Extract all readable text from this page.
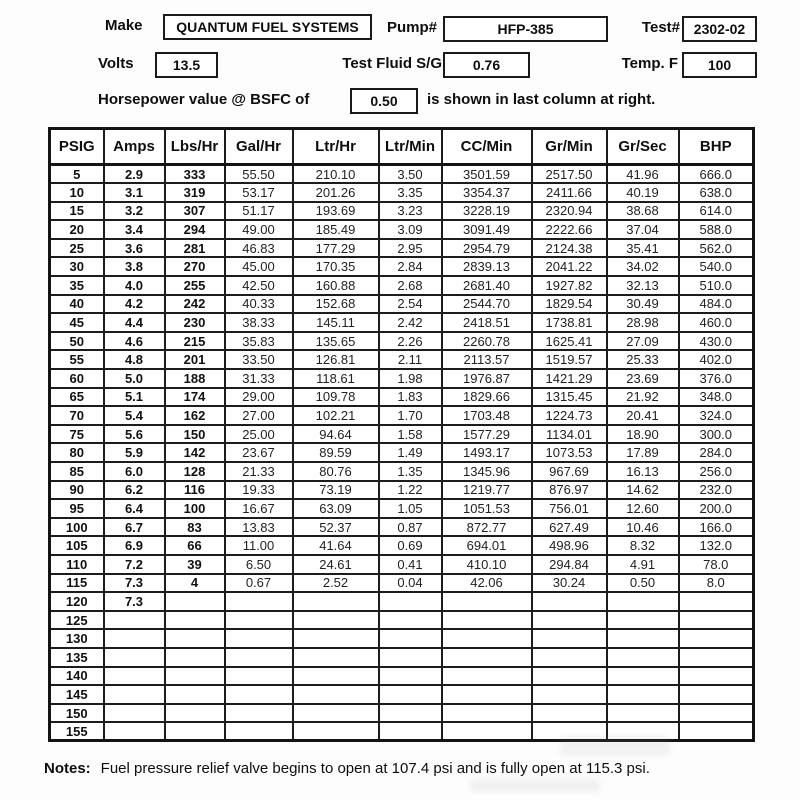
Make	QUANTUM FUEL SYSTEMS	Pump#	HFP-385	Test# 2302-02
Volts	13.5	Test Fluid S/G	0.76	Temp. F	100
Horsepower value @ BSFC of	0.50	is shown in last column at right.
PSIG	Amps	Lbs/Hr	Gal/Hr	Ltr/Hr	Ltr/Min	CC/Min	Gr/Min	Gr/Sec	BHP
5	2.9	333	55.50	210.10	3.50	3501.59	2517.50	41.96	666.0
10	3.1	319	53.17	201.26	3.35	3354.37	2411.66	40.19	638.0
15	3.2	307	51.17	193.69	3.23	3228.19	2320.94	38.68	614.0
20	3.4	294	49.00	185.49	3.09	3091.49	2222.66	37.04	588.0
25	3.6	281	46.83	177.29	2.95	2954.79	2124.38	35.41	562.0
30	3.8	270	45.00	170.35	2.84	2839.13	2041.22	34.02	540.0
35	4.0	255	42.50	160.88	2.68	2681.40	1927.82	32.13	510.0
40	4.2	242	40.33	152.68	2.54	2544.70	1829.54	30.49	484.0
45	4.4	230	38.33	145.11	2.42	2418.51	1738.81	28.98	460.0
50	4.6	215	35.83	135.65	2.26	2260.78	1625.41	27.09	430.0
55	4.8	201	33.50	126.81	2.11	2113.57	1519.57	25.33	402.0
60	5.0	188	31.33	118.61	1.98	1976.87	1421.29	23.69	376.0
65	5.1	174	29.00	109.78	1.83	1829.66	1315.45	21.92	348.0
70	5.4	162	27.00	102.21	1.70	1703.48	1224.73	20.41	324.0
75	5.6	150	25.00	94.64	1.58	1577.29	1134.01	18.90	300.0
80	5.9	142	23.67	89.59	1.49	1493.17	1073.53	17.89	284.0
85	6.0	128	21.33	80.76	1.35	1345.96	967.69	16.13	256.0
90	6.2	116	19.33	73.19	1.22	1219.77	876.97	14.62	232.0
95	6.4	100	16.67	63.09	1.05	1051.53	756.01	12.60	200.0
100	6.7	83	13.83	52.37	0.87	872.77	627.49	10.46	166.0
105	6.9	66	11.00	41.64	0.69	694.01	498.96	8.32	132.0
110	7.2	39	6.50	24.61	0.41	410.10	294.84	4.91	78.0
115	7.3	4	0.67	2.52	0.04	42.06	30.24	0.50	8.0
120	7.3								
125									
130									
135									
140									
145									
150									
155									
Notes: Fuel pressure relief valve begins to open at 107.4 psi and is fully open at 115.3 psi.
